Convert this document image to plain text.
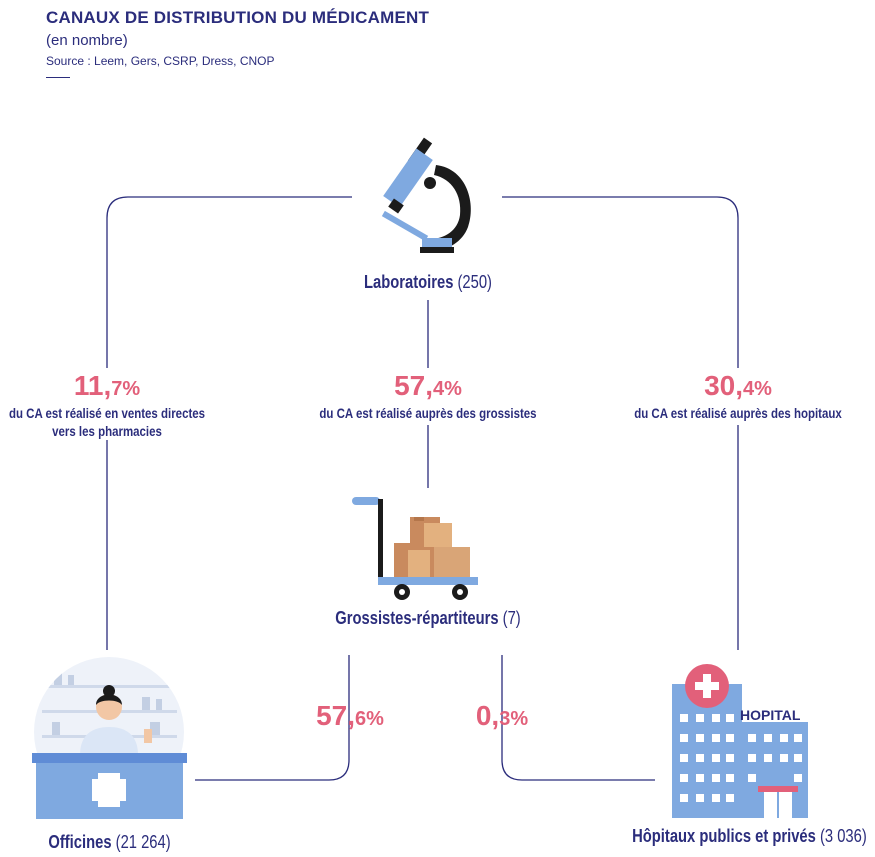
CANAUX DE DISTRIBUTION DU MÉDICAMENT
(en nombre)
Source : Leem, Gers, CSRP, Dress, CNOP
Laboratoires (250)
11,7%
du CA est réalisé en ventes directes
vers les pharmacies
57,4%
du CA est réalisé auprès des grossistes
30,4%
du CA est réalisé auprès des hopitaux
Grossistes-répartiteurs (7)
57,6%	0,3%
Officines (21 264)
HOPITAL
Hôpitaux publics et privés (3 036)
